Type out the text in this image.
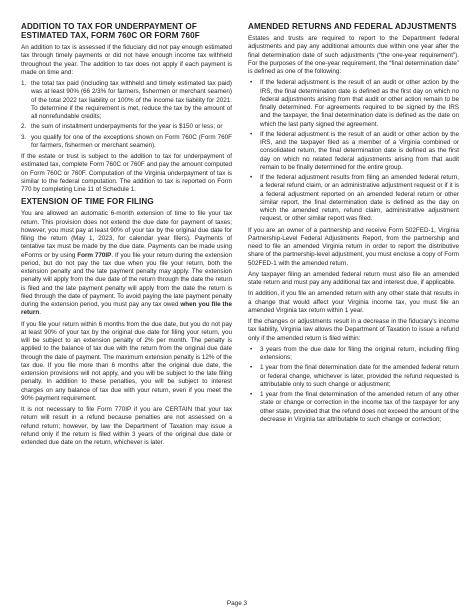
ADDITION TO TAX FOR UNDERPAYMENT OF ESTIMATED TAX, FORM 760C OR FORM 760F

An addition to tax is assessed if the fiduciary did not pay enough estimated tax through timely payments or did not have enough income tax withheld throughout the year. The addition to tax does not apply if each payment is made on time and:

1. the total tax paid (including tax withheld and timely estimated tax paid) was at least 90% (66 2/3% for farmers, fishermen or merchant seamen) of the total 2022 tax liability or 100% of the income tax liability for 2021. To determine if the requirement is met, reduce the tax by the amount of all nonrefundable credits;
2. the sum of installment underpayments for the year is $150 or less; or
3. you qualify for one of the exceptions shown on Form 760C (Form 760F for farmers, fishermen or merchant seamen).

If the estate or trust is subject to the addition to tax for underpayment of estimated tax, complete Form 760C or 760F and pay the amount computed on Form 760C or 760F. Computation of the Virginia underpayment of tax is similar to the federal computation. The addition to tax is reported on Form 770 by completing Line 11 of Schedule 1.

EXTENSION OF TIME FOR FILING

You are allowed an automatic 6-month extension of time to file your tax return. This provision does not extend the due date for payment of taxes; however, you must pay at least 90% of your tax by the original due date for filing the return (May 1, 2023, for calendar year filers). Payments of tentative tax must be made by the due date. Payments can be made using eForms or by using Form 770IP. If you file your return during the extension period, but do not pay the tax due when you file your return, both the extension penalty and the late payment penalty may apply. The extension penalty will apply from the due date of the return through the date the return is filed and the late payment penalty will apply from the date the return is filed through the date of payment. To avoid paying the late payment penalty during the extension period, you must pay any tax owed when you file the return.

If you file your return within 6 months from the due date, but you do not pay at least 90% of your tax by the original due date for filing your return, you will be subject to an extension penalty of 2% per month. The penalty is applied to the balance of tax due with the return from the original due date through the date of payment. The maximum extension penalty is 12% of the tax due. If you file more than 6 months after the original due date, the extension provisions will not apply, and you will be subject to the late filing penalty. In addition to these penalties, you will be subject to interest charges on any balance of tax due with your return, even if you meet the 90% payment requirement.

It is not necessary to file Form 770IP if you are CERTAIN that your tax return will result in a refund because penalties are not assessed on a refund return; however, by law the Department of Taxation may issue a refund only if the return is filed within 3 years of the original due date or extended due date on the return, whichever is later.

AMENDED RETURNS AND FEDERAL ADJUSTMENTS

Estates and trusts are required to report to the Department federal adjustments and pay any additional amounts due within one year after the final determination date of such adjustments (“the one-year requirement”). For the purposes of the one-year requirement, the “final determination date” is defined as one of the following:

• If the federal adjustment is the result of an audit or other action by the IRS, the final determination date is defined as the first day on which no federal adjustments arising from that audit or other action remain to be finally determined. For agreements required to be signed by the IRS and the taxpayer, the final determination date is defined as the date on which the last party signed the agreement.
• If the federal adjustment is the result of an audit or other action by the IRS, and the taxpayer filed as a member of a Virginia combined or consolidated return, the final determination date is defined as the first day on which no related federal adjustments arising from that audit remain to be finally determined for the entire group.
• If the federal adjustment results from filing an amended federal return, a federal refund claim, or an administrative adjustment request or if it is a federal adjustment reported on an amended federal return or other similar report, the final determination date is defined as the day on which the amended return, refund claim, administrative adjustment request, or other similar report was filed.

If you are an owner of a partnership and receive Form 502FED-1, Virginia Partnership-Level Federal Adjustments Report, from the partnership and need to file an amended Virginia return in order to report the distributive share of the partnership-level adjustment, you must enclose a copy of Form 502FED-1 with the amended return.

Any taxpayer filing an amended federal return must also file an amended state return and must pay any additional tax and interest due, if applicable.

In addition, if you file an amended return with any other state that results in a change that would affect your Virginia income tax, you must file an amended Virginia tax return within 1 year.

If the changes or adjustments result in a decrease in the fiduciary’s income tax liability, Virginia law allows the Department of Taxation to issue a refund only if the amended return is filed within:

• 3 years from the due date for filing the original return, including filing extensions;
• 1 year from the final determination date for the amended federal return or federal change, whichever is later, provided the refund requested is attributable only to such change or adjustment;
• 1 year from the final determination of the amended return of any other state or change or correction in the income tax of the taxpayer for any other state, provided that the refund does not exceed the amount of the decrease in Virginia tax attributable to such change or correction;
Page 3
